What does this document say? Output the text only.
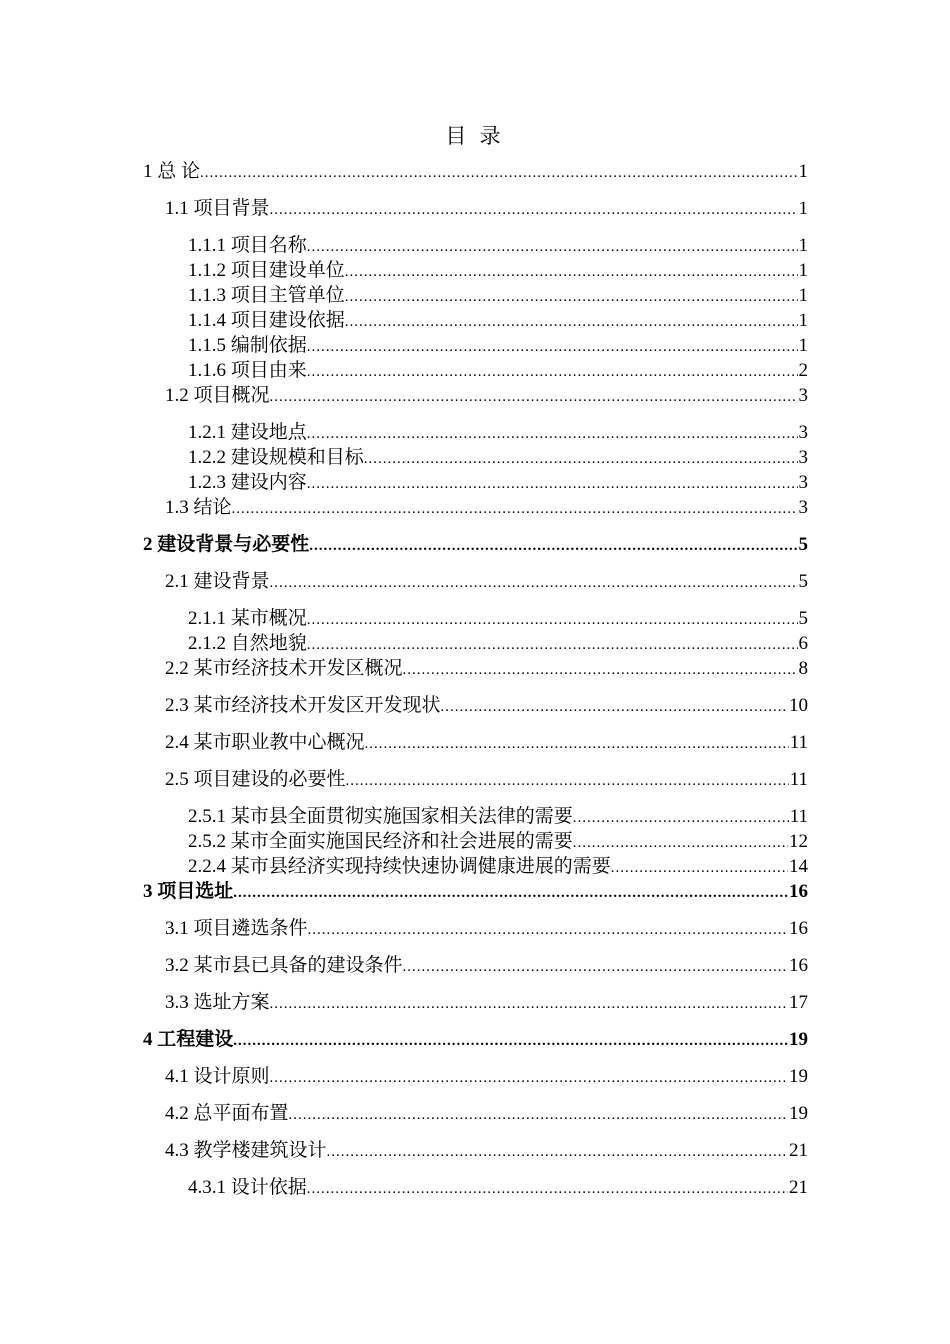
目 录
1 总 论 .....	1
1.1 项目背景 .....	1
1.1.1 项目名称 .....	1
1.1.2 项目建设单位 .....	1
1.1.3 项目主管单位 .....	1
1.1.4 项目建设依据 .....	1
1.1.5 编制依据 .....	1
1.1.6 项目由来 .....	2
1.2 项目概况 .....	3
1.2.1 建设地点 .....	3
1.2.2 建设规模和目标 .....	3
1.2.3 建设内容 .....	3
1.3 结论 .....	3
2 建设背景与必要性 .....	5
2.1 建设背景 .....	5
2.1.1 某市概况 .....	5
2.1.2 自然地貌 .....	6
2.2 某市经济技术开发区概况 .....	8
2.3 某市经济技术开发区开发现状 .....	10
2.4 某市职业教中心概况 .....	11
2.5 项目建设的必要性 .....	11
2.5.1 某市县全面贯彻实施国家相关法律的需要 .....	11
2.5.2 某市全面实施国民经济和社会进展的需要 .....	12
2.2.4 某市县经济实现持续快速协调健康进展的需要 .....	14
3 项目选址 .....	16
3.1 项目遴选条件 .....	16
3.2 某市县已具备的建设条件 .....	16
3.3 选址方案 .....	17
4 工程建设 .....	19
4.1 设计原则 .....	19
4.2 总平面布置 .....	19
4.3 教学楼建筑设计 .....	21
4.3.1 设计依据 .....	21
